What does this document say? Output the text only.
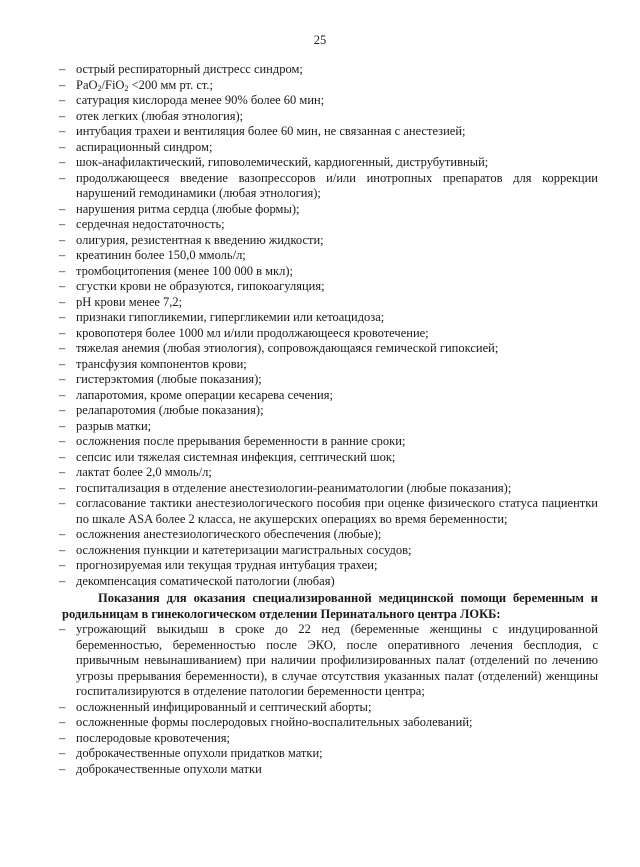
25
– острый респираторный дистресс синдром;
– PaO$_2$/FiO$_2$ <200 мм рт. ст.;
– сатурация кислорода менее 90% более 60 мин;
– отек легких (любая этнология);
– интубация трахеи и вентиляция более 60 мин, не связанная с анестезией;
– аспирационный синдром;
– шок-анафилактический, гиповолемический, кардиогенный, диструбутивный;
– продолжающееся введение вазопрессоров и/или инотропных препаратов для коррекции нарушений гемодинамики (любая этнология);
– нарушения ритма сердца (любые формы);
– сердечная недостаточность;
– олигурия, резистентная к введению жидкости;
– креатинин более 150,0 ммоль/л;
– тромбоцитопения (менее 100 000 в мкл);
– сгустки крови не образуются, гипокоагуляция;
– pH крови менее 7,2;
– признаки гипогликемии, гипергликемии или кетоацидоза;
– кровопотеря более 1000 мл и/или продолжающееся кровотечение;
– тяжелая анемия (любая этиология), сопровождающаяся гемической гипоксией;
– трансфузия компонентов крови;
– гистерэктомия (любые показания);
– лапаротомия, кроме операции кесарева сечения;
– релапаротомия (любые показания);
– разрыв матки;
– осложнения после прерывания беременности в ранние сроки;
– сепсис или тяжелая системная инфекция, септический шок;
– лактат более 2,0 ммоль/л;
– госпитализация в отделение анестезиологии-реаниматологии (любые показания);
– согласование тактики анестезиологического пособия при оценке физического статуса пациентки по шкале ASA более 2 класса, не акушерских операциях во время беременности;
– осложнения анестезиологического обеспечения (любые);
– осложнения пункции и катетеризации магистральных сосудов;
– прогнозируемая или текущая трудная интубация трахеи;
– декомпенсация соматической патологии (любая)
Показания для оказания специализированной медицинской помощи беременным и родильницам в гинекологическом отделении Перинатального центра ЛОКБ:
– угрожающий выкидыш в сроке до 22 нед (беременные женщины с индуцированной беременностью, беременностью после ЭКО, после оперативного лечения бесплодия, с привычным невынашиванием) при наличии профилизированных палат (отделений по лечению угрозы прерывания беременности), в случае отсутствия указанных палат (отделений) женщины госпитализируются в отделение патологии беременности центра;
– осложненный инфицированный и септический аборты;
– осложненные формы послеродовых гнойно-воспалительных заболеваний;
– послеродовые кровотечения;
– доброкачественные опухоли придатков матки;
– доброкачественные опухоли матки
